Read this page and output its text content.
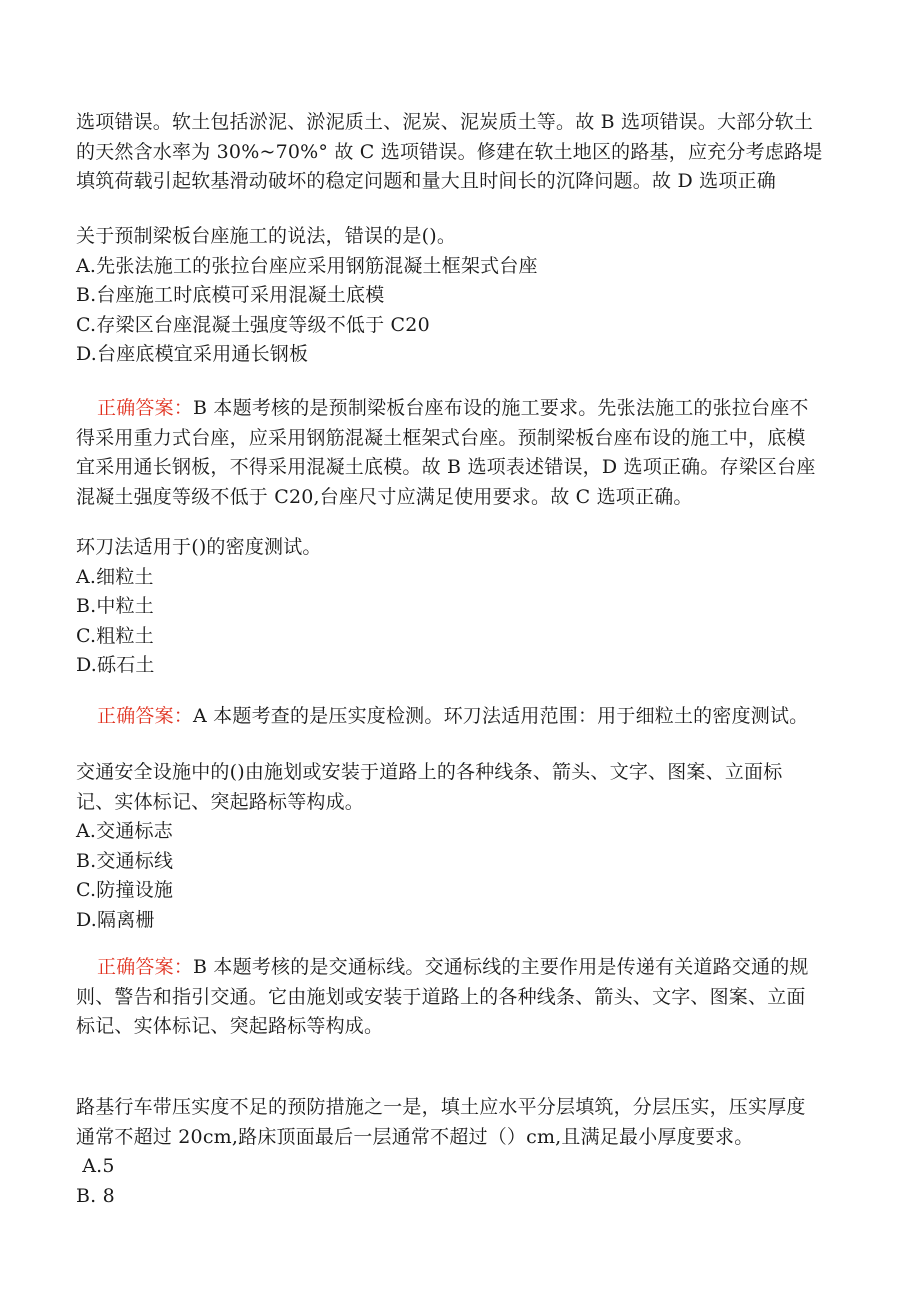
选项错误。软土包括淤泥、淤泥质土、泥炭、泥炭质土等。故 B 选项错误。大部分软土
的天然含水率为 30%~70%° 故 C 选项错误。修建在软土地区的路基，应充分考虑路堤
填筑荷载引起软基滑动破坏的稳定问题和量大且时间长的沉降问题。故 D 选项正确
关于预制梁板台座施工的说法，错误的是()。
A.先张法施工的张拉台座应采用钢筋混凝土框架式台座
B.台座施工时底模可采用混凝土底模
C.存梁区台座混凝土强度等级不低于 C20
D.台座底模宜采用通长钢板
正确答案：B 本题考核的是预制梁板台座布设的施工要求。先张法施工的张拉台座不
得采用重力式台座，应采用钢筋混凝土框架式台座。预制梁板台座布设的施工中，底模
宜采用通长钢板，不得采用混凝土底模。故 B 选项表述错误，D 选项正确。存梁区台座
混凝土强度等级不低于 C20,台座尺寸应满足使用要求。故 C 选项正确。
环刀法适用于()的密度测试。
A.细粒土
B.中粒土
C.粗粒土
D.砾石土
正确答案：A 本题考查的是压实度检测。环刀法适用范围：用于细粒土的密度测试。
交通安全设施中的()由施划或安装于道路上的各种线条、箭头、文字、图案、立面标
记、实体标记、突起路标等构成。
A.交通标志
B.交通标线
C.防撞设施
D.隔离栅
正确答案：B 本题考核的是交通标线。交通标线的主要作用是传递有关道路交通的规
则、警告和指引交通。它由施划或安装于道路上的各种线条、箭头、文字、图案、立面
标记、实体标记、突起路标等构成。
路基行车带压实度不足的预防措施之一是，填土应水平分层填筑，分层压实，压实厚度
通常不超过 20cm,路床顶面最后一层通常不超过（）cm,且满足最小厚度要求。
A.5
B. 8
